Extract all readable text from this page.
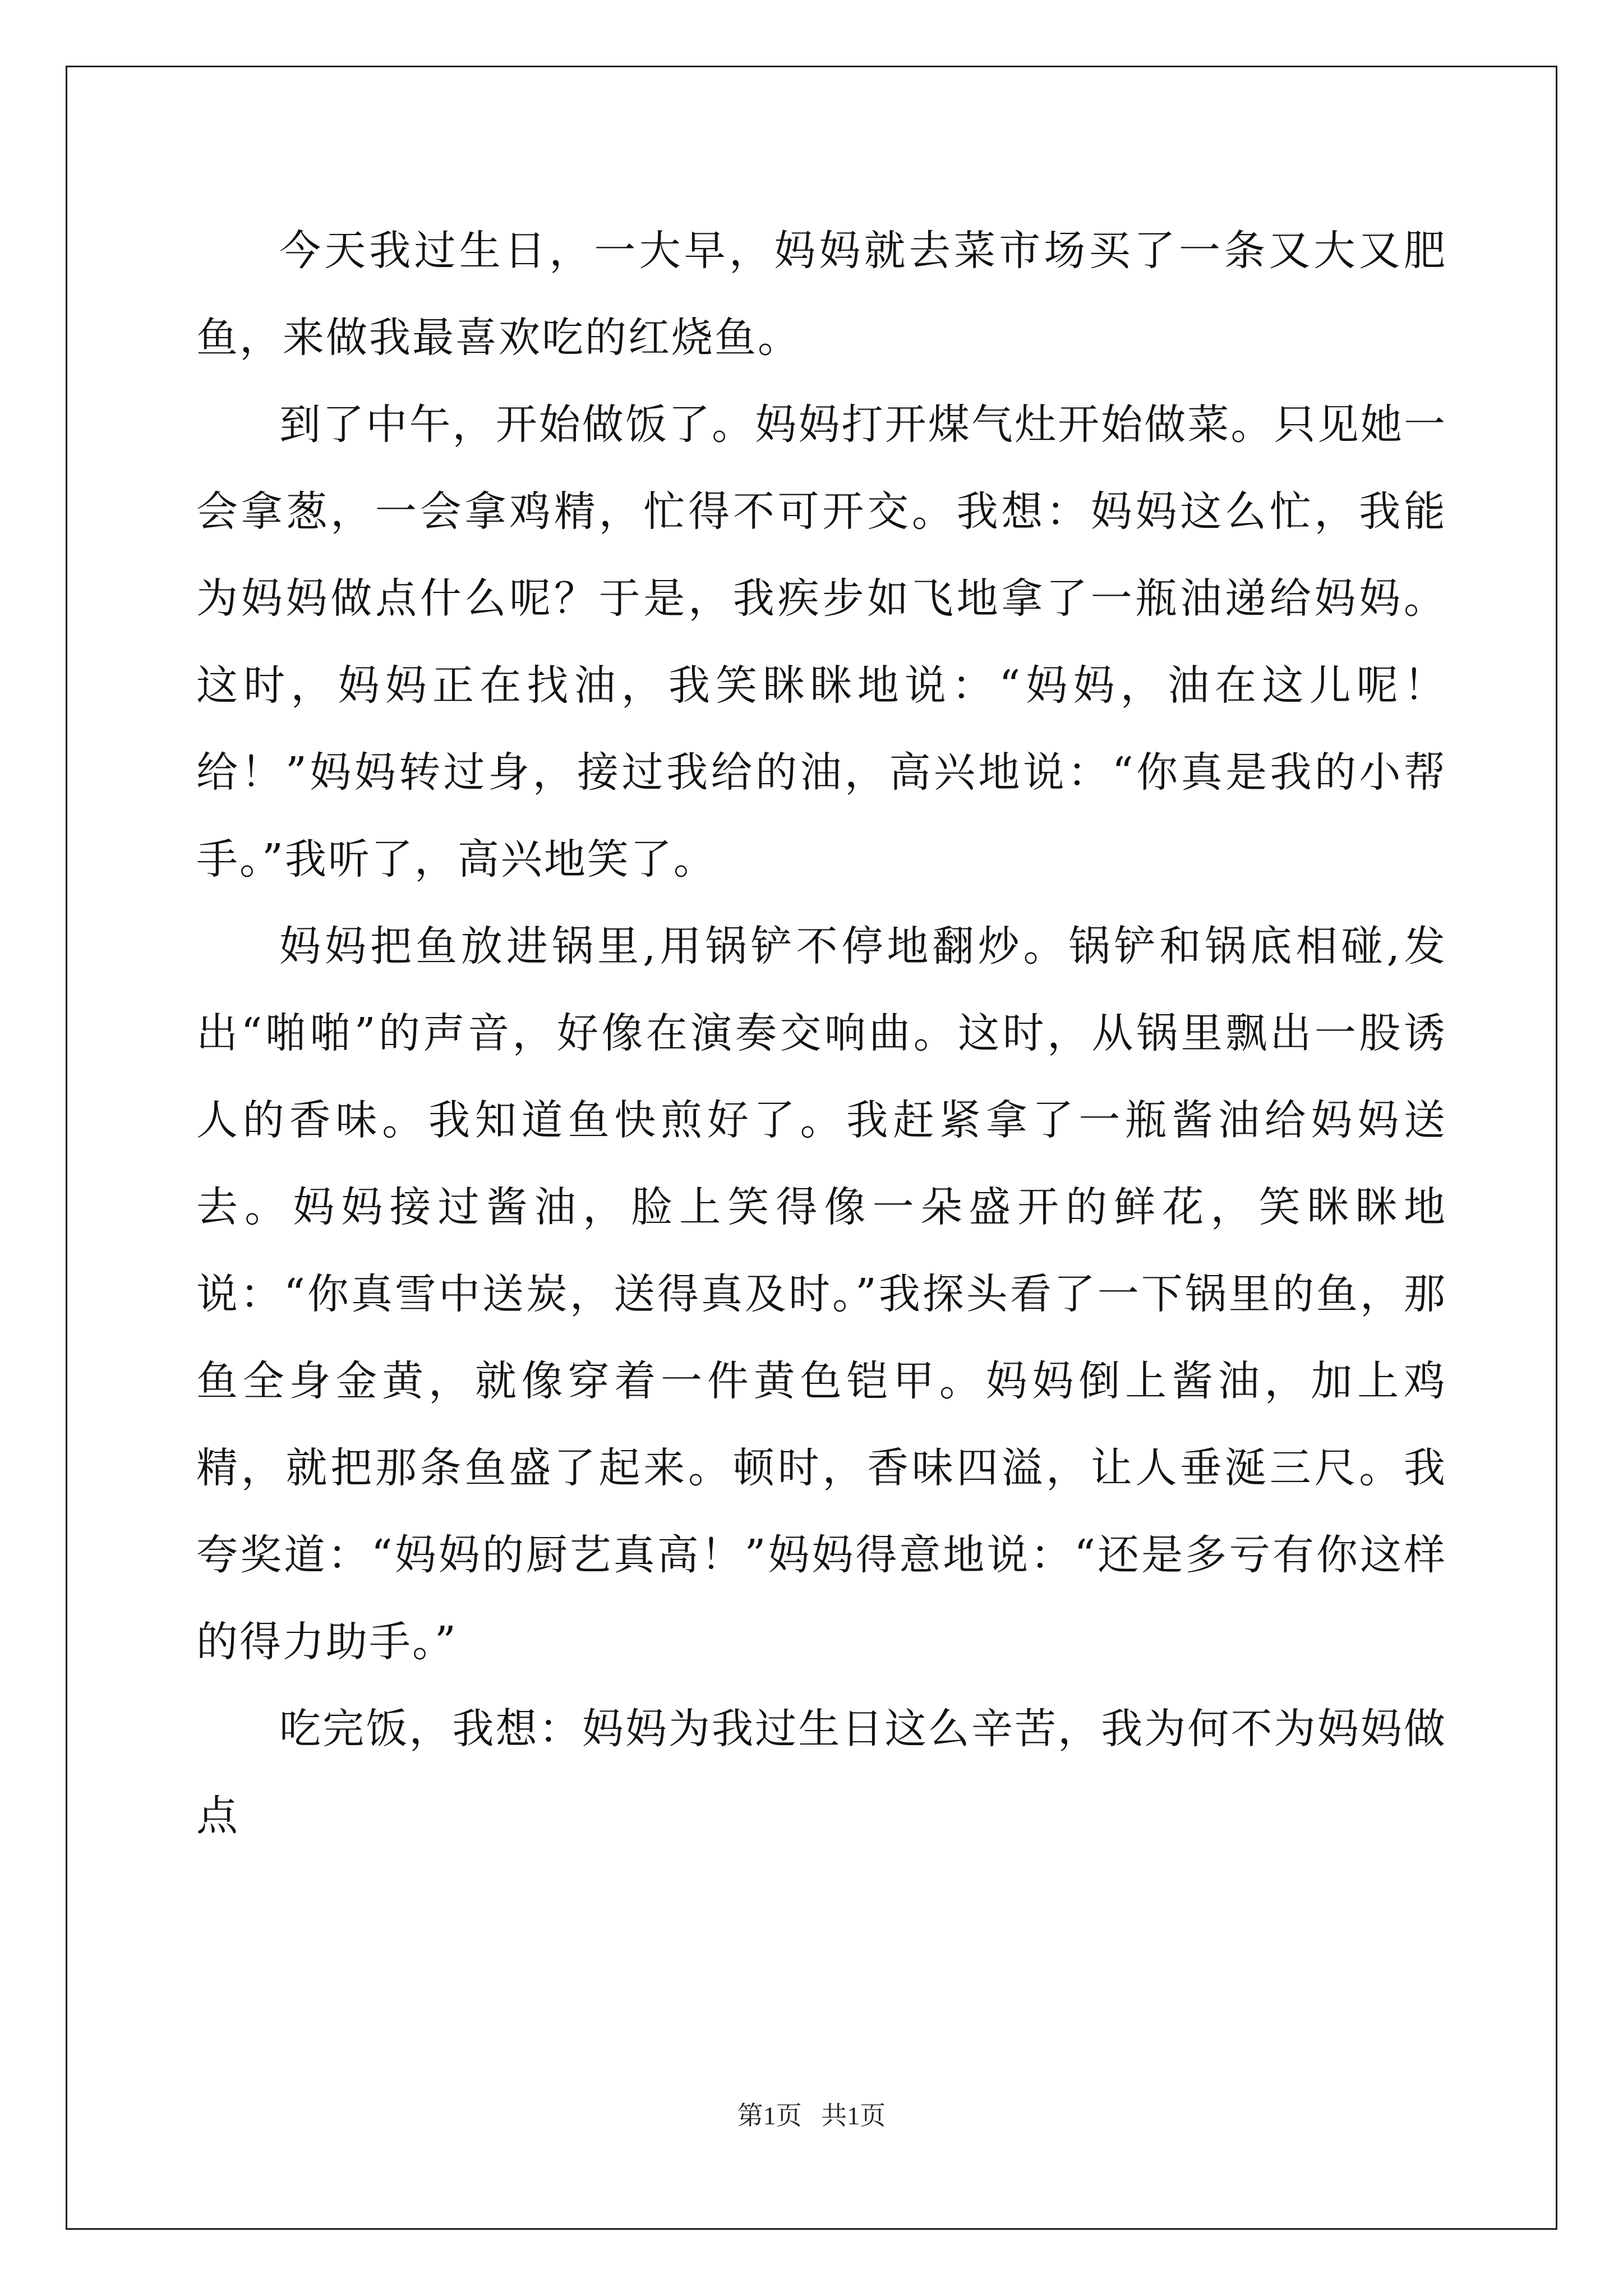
今天我过生日，一大早，妈妈就去菜市场买了一条又大又肥鱼，来做我最喜欢吃的红烧鱼。

到了中午，开始做饭了。妈妈打开煤气灶开始做菜。只见她一会拿葱，一会拿鸡精，忙得不可开交。我想：妈妈这么忙，我能为妈妈做点什么呢？于是，我疾步如飞地拿了一瓶油递给妈妈。这时，妈妈正在找油，我笑眯眯地说：“妈妈，油在这儿呢！给！”妈妈转过身，接过我给的油，高兴地说：“你真是我的小帮手。”我听了，高兴地笑了。

妈妈把鱼放进锅里,用锅铲不停地翻炒。锅铲和锅底相碰,发出“啪啪”的声音，好像在演奏交响曲。这时，从锅里飘出一股诱人的香味。我知道鱼快煎好了。我赶紧拿了一瓶酱油给妈妈送去。妈妈接过酱油，脸上笑得像一朵盛开的鲜花，笑眯眯地说：“你真雪中送炭，送得真及时。”我探头看了一下锅里的鱼，那鱼全身金黄，就像穿着一件黄色铠甲。妈妈倒上酱油，加上鸡精，就把那条鱼盛了起来。顿时，香味四溢，让人垂涎三尺。我夸奖道：“妈妈的厨艺真高！”妈妈得意地说：“还是多亏有你这样的得力助手。”

吃完饭，我想：妈妈为我过生日这么辛苦，我为何不为妈妈做点

第1页   共1页
